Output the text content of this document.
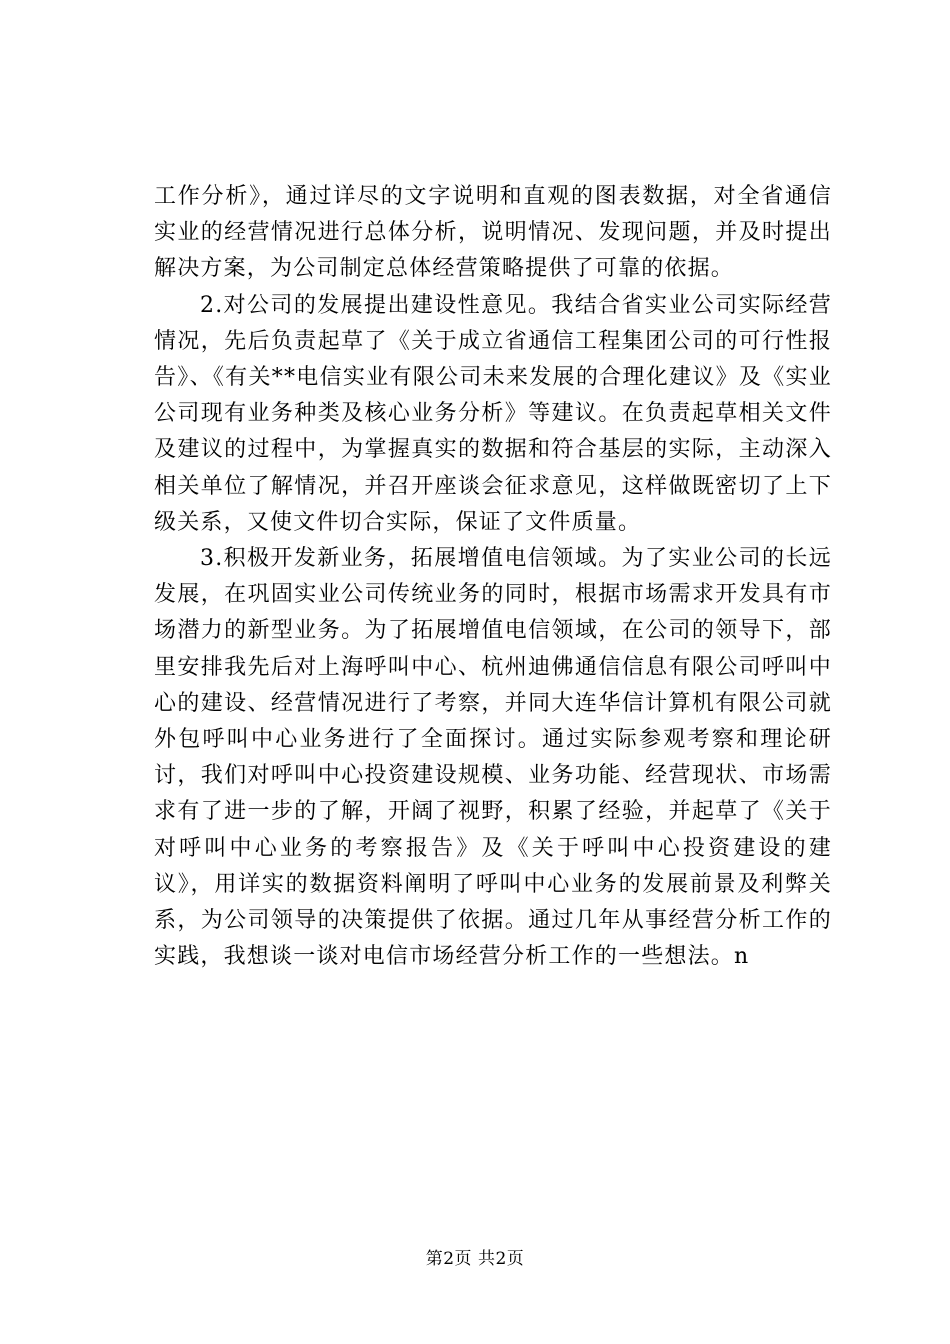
工作分析》，通过详尽的文字说明和直观的图表数据，对全省通信实业的经营情况进行总体分析，说明情况、发现问题，并及时提出解决方案，为公司制定总体经营策略提供了可靠的依据。

2.对公司的发展提出建设性意见。我结合省实业公司实际经营情况，先后负责起草了《关于成立省通信工程集团公司的可行性报告》、《有关**电信实业有限公司未来发展的合理化建议》及《实业公司现有业务种类及核心业务分析》等建议。在负责起草相关文件及建议的过程中，为掌握真实的数据和符合基层的实际，主动深入相关单位了解情况，并召开座谈会征求意见，这样做既密切了上下级关系，又使文件切合实际，保证了文件质量。

3.积极开发新业务，拓展增值电信领域。为了实业公司的长远发展，在巩固实业公司传统业务的同时，根据市场需求开发具有市场潜力的新型业务。为了拓展增值电信领域，在公司的领导下，部里安排我先后对上海呼叫中心、杭州迪佛通信信息有限公司呼叫中心的建设、经营情况进行了考察，并同大连华信计算机有限公司就外包呼叫中心业务进行了全面探讨。通过实际参观考察和理论研讨，我们对呼叫中心投资建设规模、业务功能、经营现状、市场需求有了进一步的了解，开阔了视野，积累了经验，并起草了《关于对呼叫中心业务的考察报告》及《关于呼叫中心投资建设的建议》，用详实的数据资料阐明了呼叫中心业务的发展前景及利弊关系，为公司领导的决策提供了依据。通过几年从事经营分析工作的实践，我想谈一谈对电信市场经营分析工作的一些想法。n

第2页 共2页
